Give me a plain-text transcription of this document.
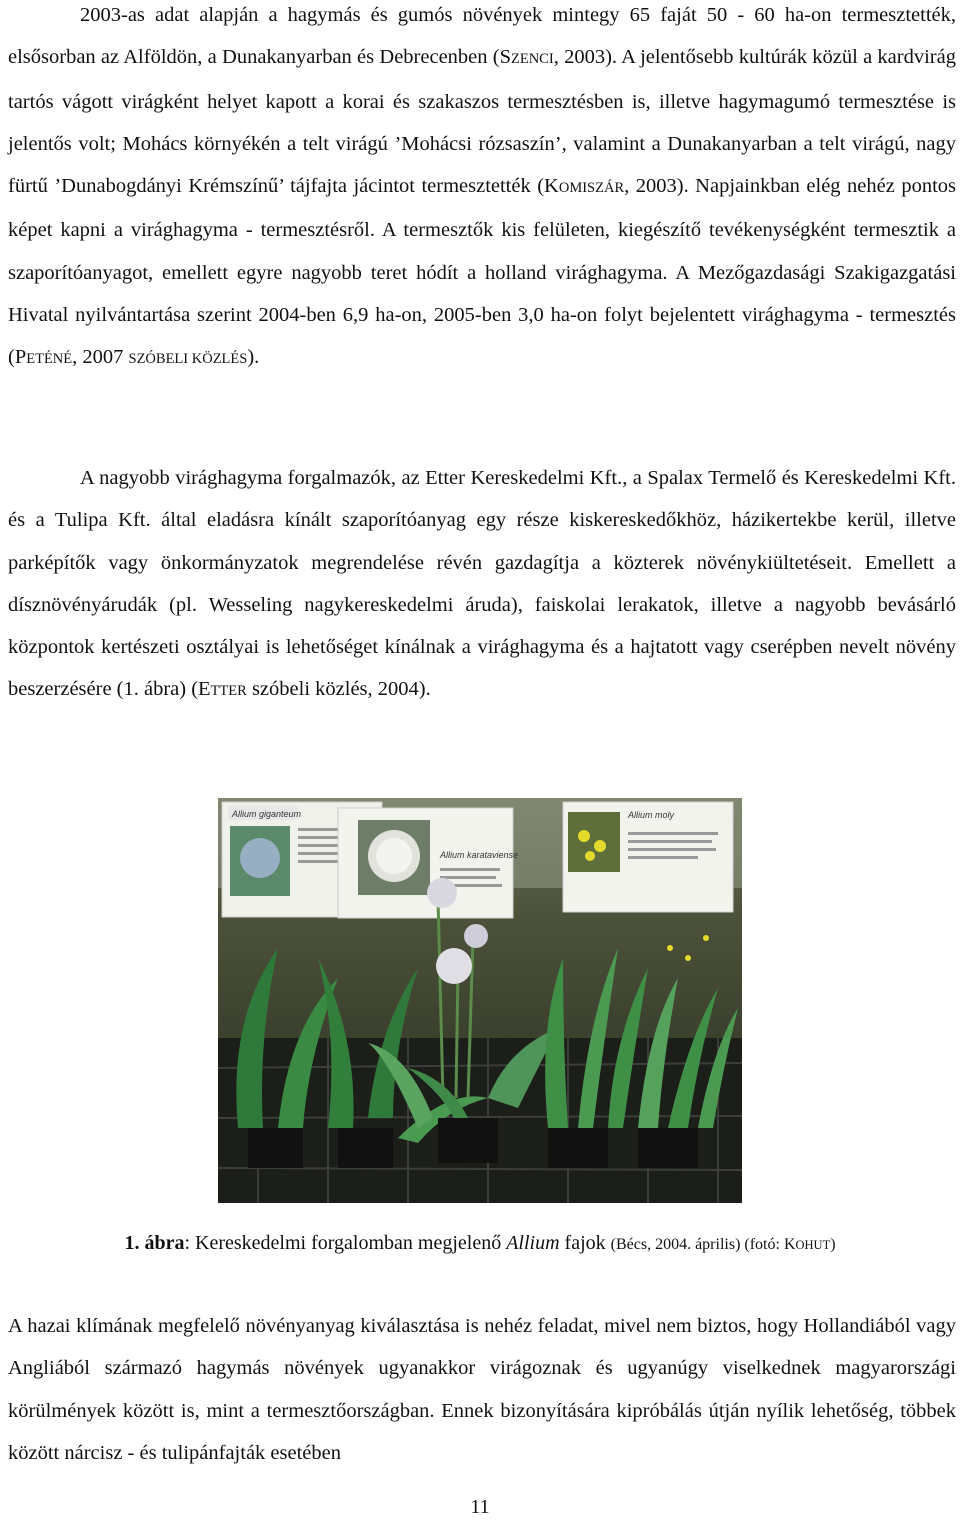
2003-as adat alapján a hagymás és gumós növények mintegy 65 faját 50 - 60 ha-on termesztették, elsősorban az Alföldön, a Dunakanyarban és Debrecenben (SZENCI, 2003). A jelentősebb kultúrák közül a kardvirág tartós vágott virágként helyet kapott a korai és szakaszos termesztésben is, illetve hagymagumó termesztése is jelentős volt; Mohács környékén a telt virágú ’Mohácsi rózsaszín’, valamint a Dunakanyarban a telt virágú, nagy fürtű ’Dunabogdányi Krémszínű’ tájfajta jácintot termesztették (KOMISZÁR, 2003). Napjainkban elég nehéz pontos képet kapni a virághagyma - termesztésről. A termesztők kis felületen, kiegészítő tevékenységként termesztik a szaporítóanyagot, emellett egyre nagyobb teret hódít a holland virághagyma. A Mezőgazdasági Szakigazgatási Hivatal nyilvántartása szerint 2004-ben 6,9 ha-on, 2005-ben 3,0 ha-on folyt bejelentett virághagyma - termesztés (PETÉNÉ, 2007 SZÓBELI KÖZLÉS).

A nagyobb virághagyma forgalmazók, az Etter Kereskedelmi Kft., a Spalax Termelő és Kereskedelmi Kft. és a Tulipa Kft. által eladásra kínált szaporítóanyag egy része kiskereskedőkhöz, házikertekbe kerül, illetve parképítők vagy önkormányzatok megrendelése révén gazdagítja a közterek növénykiültetéseit. Emellett a dísznövényárudák (pl. Wesseling nagykereskedelmi áruda), faiskolai lerakatok, illetve a nagyobb bevásárló központok kertészeti osztályai is lehetőséget kínálnak a virághagyma és a hajtatott vagy cserépben nevelt növény beszerzésére (1. ábra) (ETTER szóbeli közlés, 2004).

Allium giganteum
Allium karataviense
Allium moly
1. ábra: Kereskedelmi forgalomban megjelenő Allium fajok (Bécs, 2004. április) (fotó: KOHUT)

A hazai klímának megfelelő növényanyag kiválasztása is nehéz feladat, mivel nem biztos, hogy Hollandiából vagy Angliából származó hagymás növények ugyanakkor virágoznak és ugyanúgy viselkednek magyarországi körülmények között is, mint a termesztőországban. Ennek bizonyítására kipróbálás útján nyílik lehetőség, többek között nárcisz - és tulipánfajták esetében

11
